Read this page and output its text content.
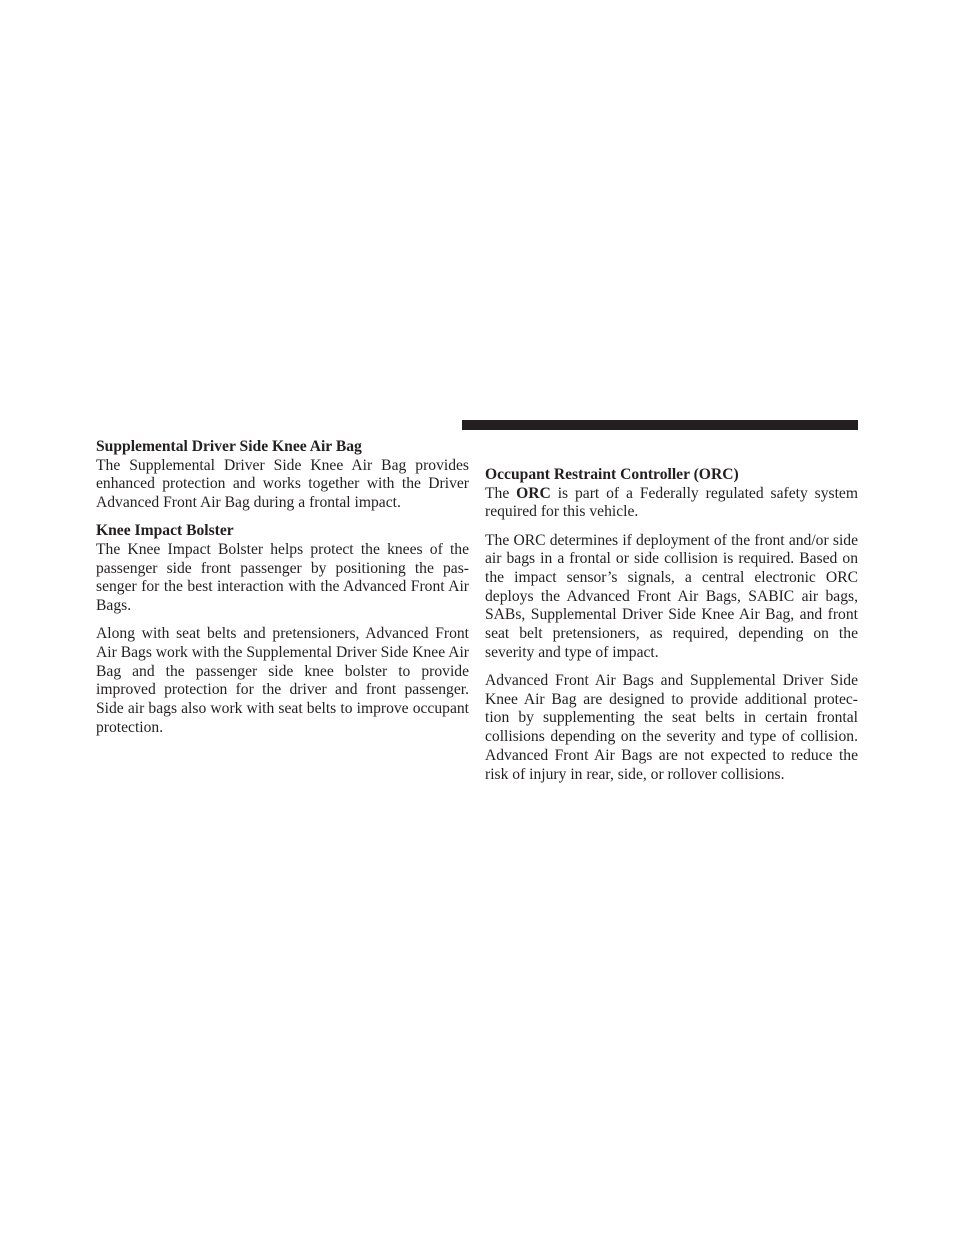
Supplemental Driver Side Knee Air Bag

The Supplemental Driver Side Knee Air Bag provides enhanced protection and works together with the Driver Advanced Front Air Bag during a frontal impact.

Knee Impact Bolster

The Knee Impact Bolster helps protect the knees of the passenger side front passenger by positioning the pas-senger for the best interaction with the Advanced Front Air Bags.

Along with seat belts and pretensioners, Advanced Front Air Bags work with the Supplemental Driver Side Knee Air Bag and the passenger side knee bolster to provide improved protection for the driver and front passenger. Side air bags also work with seat belts to improve occupant protection.

Occupant Restraint Controller (ORC)

The ORC is part of a Federally regulated safety system required for this vehicle.

The ORC determines if deployment of the front and/or side air bags in a frontal or side collision is required. Based on the impact sensor’s signals, a central electronic ORC deploys the Advanced Front Air Bags, SABIC air bags, SABs, Supplemental Driver Side Knee Air Bag, and front seat belt pretensioners, as required, depending on the severity and type of impact.

Advanced Front Air Bags and Supplemental Driver Side Knee Air Bag are designed to provide additional protec-tion by supplementing the seat belts in certain frontal collisions depending on the severity and type of collision. Advanced Front Air Bags are not expected to reduce the risk of injury in rear, side, or rollover collisions.
